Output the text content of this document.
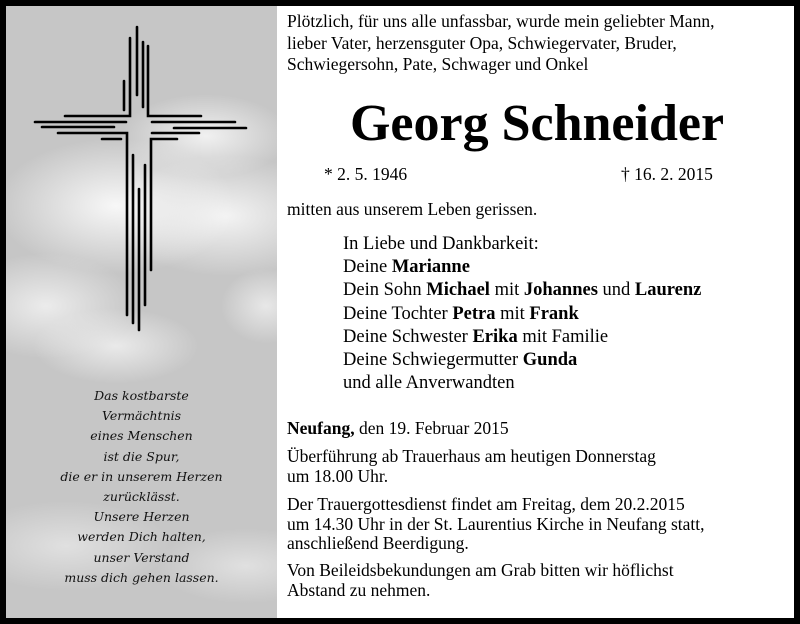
Das kostbarste
Vermächtnis
eines Menschen
ist die Spur,
die er in unserem Herzen
zurücklässt.
Unsere Herzen
werden Dich halten,
unser Verstand
muss dich gehen lassen.
Plötzlich, für uns alle unfassbar, wurde mein geliebter Mann,
lieber Vater, herzensguter Opa, Schwiegervater, Bruder,
Schwiegersohn, Pate, Schwager und Onkel
Georg Schneider
* 2. 5. 1946	† 16. 2. 2015
mitten aus unserem Leben gerissen.
In Liebe und Dankbarkeit:
Deine Marianne
Dein Sohn Michael mit Johannes und Laurenz
Deine Tochter Petra mit Frank
Deine Schwester Erika mit Familie
Deine Schwiegermutter Gunda
und alle Anverwandten
Neufang, den 19. Februar 2015
Überführung ab Trauerhaus am heutigen Donnerstag
um 18.00 Uhr.
Der Trauergottesdienst findet am Freitag, dem 20.2.2015
um 14.30 Uhr in der St. Laurentius Kirche in Neufang statt,
anschließend Beerdigung.
Von Beileidsbekundungen am Grab bitten wir höflichst
Abstand zu nehmen.
